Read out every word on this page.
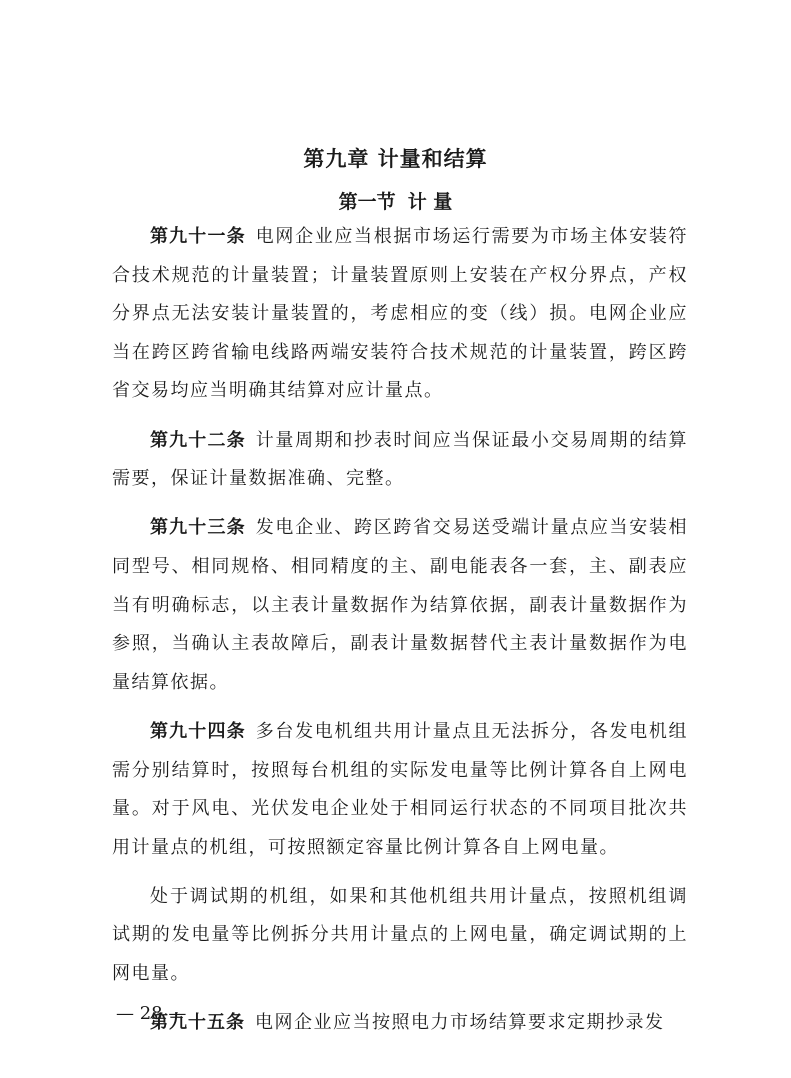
第九章 计量和结算
第一节 计 量

第九十一条 电网企业应当根据市场运行需要为市场主体安装符合技术规范的计量装置；计量装置原则上安装在产权分界点，产权分界点无法安装计量装置的，考虑相应的变（线）损。电网企业应当在跨区跨省输电线路两端安装符合技术规范的计量装置，跨区跨省交易均应当明确其结算对应计量点。

第九十二条 计量周期和抄表时间应当保证最小交易周期的结算需要，保证计量数据准确、完整。

第九十三条 发电企业、跨区跨省交易送受端计量点应当安装相同型号、相同规格、相同精度的主、副电能表各一套，主、副表应当有明确标志，以主表计量数据作为结算依据，副表计量数据作为参照，当确认主表故障后，副表计量数据替代主表计量数据作为电量结算依据。

第九十四条 多台发电机组共用计量点且无法拆分，各发电机组需分别结算时，按照每台机组的实际发电量等比例计算各自上网电量。对于风电、光伏发电企业处于相同运行状态的不同项目批次共用计量点的机组，可按照额定容量比例计算各自上网电量。

处于调试期的机组，如果和其他机组共用计量点，按照机组调试期的发电量等比例拆分共用计量点的上网电量，确定调试期的上网电量。

第九十五条 电网企业应当按照电力市场结算要求定期抄录发

— 28 —
